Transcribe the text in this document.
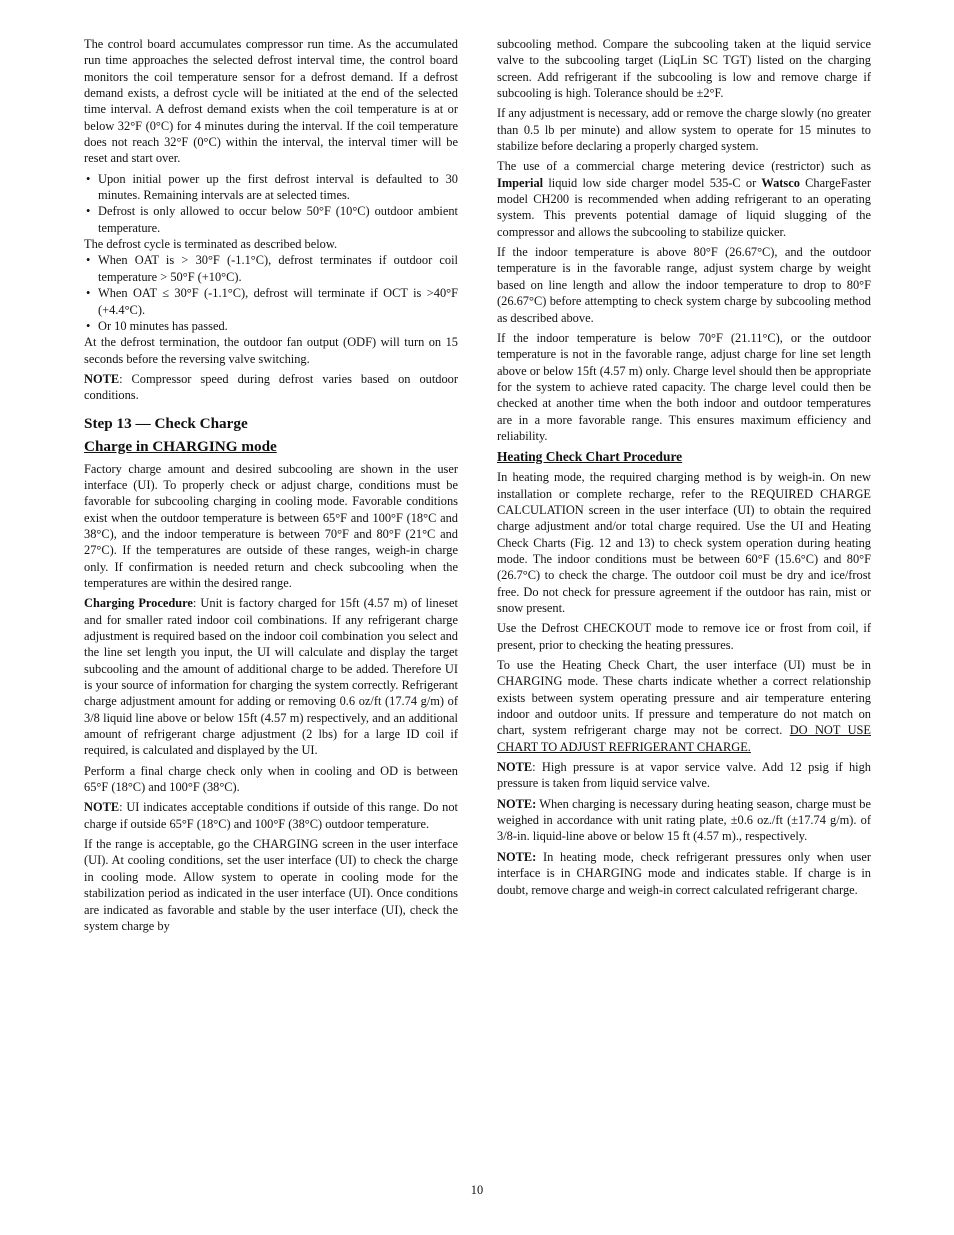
The control board accumulates compressor run time. As the accumulated run time approaches the selected defrost interval time, the control board monitors the coil temperature sensor for a defrost demand. If a defrost demand exists, a defrost cycle will be initiated at the end of the selected time interval. A defrost demand exists when the coil temperature is at or below 32°F (0°C) for 4 minutes during the interval. If the coil temperature does not reach 32°F (0°C) within the interval, the interval timer will be reset and start over.

• Upon initial power up the first defrost interval is defaulted to 30 minutes. Remaining intervals are at selected times.
• Defrost is only allowed to occur below 50°F (10°C) outdoor ambient temperature.

The defrost cycle is terminated as described below.

• When OAT is > 30°F (-1.1°C), defrost terminates if outdoor coil temperature > 50°F (+10°C).
• When OAT ≤ 30°F (-1.1°C), defrost will terminate if OCT is >40°F (+4.4°C).
• Or 10 minutes has passed.

At the defrost termination, the outdoor fan output (ODF) will turn on 15 seconds before the reversing valve switching.

NOTE: Compressor speed during defrost varies based on outdoor conditions.

Step 13 — Check Charge
Charge in CHARGING mode

Factory charge amount and desired subcooling are shown in the user interface (UI). To properly check or adjust charge, conditions must be favorable for subcooling charging in cooling mode. Favorable conditions exist when the outdoor temperature is between 65°F and 100°F (18°C and 38°C), and the indoor temperature is between 70°F and 80°F (21°C and 27°C). If the temperatures are outside of these ranges, weigh-in charge only. If confirmation is needed return and check subcooling when the temperatures are within the desired range.

Charging Procedure: Unit is factory charged for 15ft (4.57 m) of lineset and for smaller rated indoor coil combinations. If any refrigerant charge adjustment is required based on the indoor coil combination you select and the line set length you input, the UI will calculate and display the target subcooling and the amount of additional charge to be added. Therefore UI is your source of information for charging the system correctly. Refrigerant charge adjustment amount for adding or removing 0.6 oz/ft (17.74 g/m) of 3/8 liquid line above or below 15ft (4.57 m) respectively, and an additional amount of refrigerant charge adjustment (2 lbs) for a large ID coil if required, is calculated and displayed by the UI.

Perform a final charge check only when in cooling and OD is between 65°F (18°C) and 100°F (38°C).

NOTE: UI indicates acceptable conditions if outside of this range. Do not charge if outside 65°F (18°C) and 100°F (38°C) outdoor temperature.

If the range is acceptable, go the CHARGING screen in the user interface (UI). At cooling conditions, set the user interface (UI) to check the charge in cooling mode. Allow system to operate in cooling mode for the stabilization period as indicated in the user interface (UI). Once conditions are indicated as favorable and stable by the user interface (UI), check the system charge by

subcooling method. Compare the subcooling taken at the liquid service valve to the subcooling target (LiqLin SC TGT) listed on the charging screen. Add refrigerant if the subcooling is low and remove charge if subcooling is high. Tolerance should be ±2°F.

If any adjustment is necessary, add or remove the charge slowly (no greater than 0.5 lb per minute) and allow system to operate for 15 minutes to stabilize before declaring a properly charged system.

The use of a commercial charge metering device (restrictor) such as Imperial liquid low side charger model 535-C or Watsco ChargeFaster model CH200 is recommended when adding refrigerant to an operating system. This prevents potential damage of liquid slugging of the compressor and allows the subcooling to stabilize quicker.

If the indoor temperature is above 80°F (26.67°C), and the outdoor temperature is in the favorable range, adjust system charge by weight based on line length and allow the indoor temperature to drop to 80°F (26.67°C) before attempting to check system charge by subcooling method as described above.

If the indoor temperature is below 70°F (21.11°C), or the outdoor temperature is not in the favorable range, adjust charge for line set length above or below 15ft (4.57 m) only. Charge level should then be appropriate for the system to achieve rated capacity. The charge level could then be checked at another time when the both indoor and outdoor temperatures are in a more favorable range. This ensures maximum efficiency and reliability.

Heating Check Chart Procedure

In heating mode, the required charging method is by weigh-in. On new installation or complete recharge, refer to the REQUIRED CHARGE CALCULATION screen in the user interface (UI) to obtain the required charge adjustment and/or total charge required. Use the UI and Heating Check Charts (Fig. 12 and 13) to check system operation during heating mode. The indoor conditions must be between 60°F (15.6°C) and 80°F (26.7°C) to check the charge. The outdoor coil must be dry and ice/frost free. Do not check for pressure agreement if the outdoor has rain, mist or snow present.

Use the Defrost CHECKOUT mode to remove ice or frost from coil, if present, prior to checking the heating pressures.

To use the Heating Check Chart, the user interface (UI) must be in CHARGING mode. These charts indicate whether a correct relationship exists between system operating pressure and air temperature entering indoor and outdoor units. If pressure and temperature do not match on chart, system refrigerant charge may not be correct. DO NOT USE CHART TO ADJUST REFRIGERANT CHARGE.

NOTE: High pressure is at vapor service valve. Add 12 psig if high pressure is taken from liquid service valve.

NOTE: When charging is necessary during heating season, charge must be weighed in accordance with unit rating plate, ±0.6 oz./ft (±17.74 g/m). of 3/8-in. liquid-line above or below 15 ft (4.57 m)., respectively.

NOTE: In heating mode, check refrigerant pressures only when user interface is in CHARGING mode and indicates stable. If charge is in doubt, remove charge and weigh-in correct calculated refrigerant charge.

10
